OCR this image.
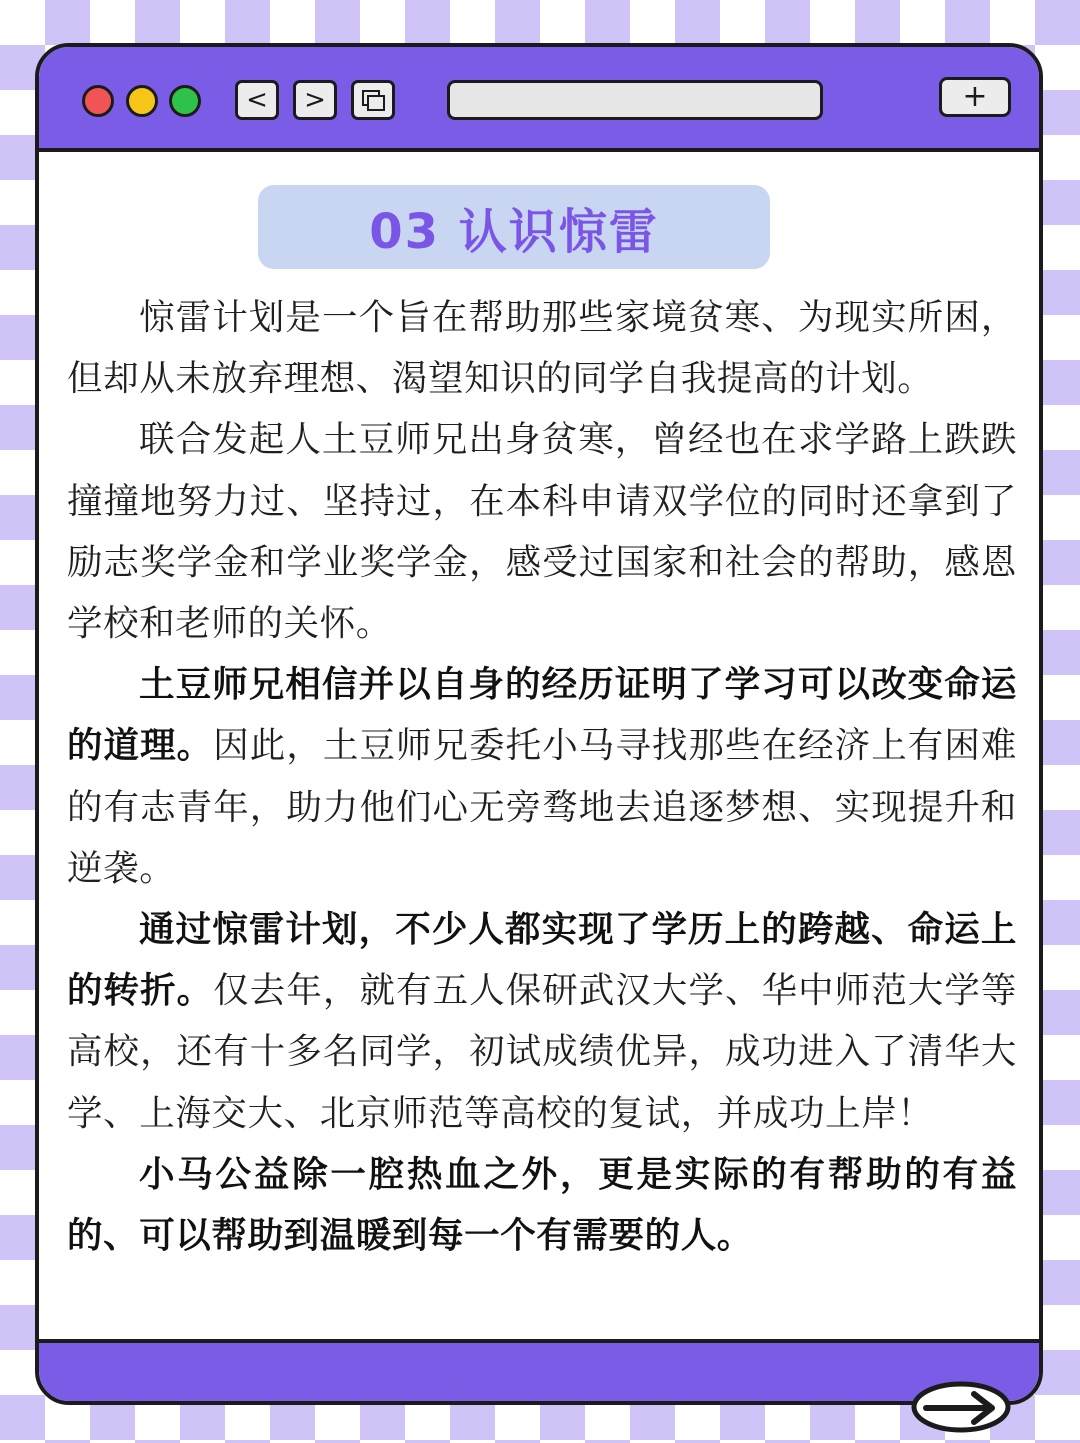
< >	+
03 认识惊雷

惊雷计划是一个旨在帮助那些家境贫寒、为现实所困，但却从未放弃理想、渴望知识的同学自我提高的计划。

联合发起人土豆师兄出身贫寒，曾经也在求学路上跌跌撞撞地努力过、坚持过，在本科申请双学位的同时还拿到了励志奖学金和学业奖学金，感受过国家和社会的帮助，感恩学校和老师的关怀。

土豆师兄相信并以自身的经历证明了学习可以改变命运的道理。因此，土豆师兄委托小马寻找那些在经济上有困难的有志青年，助力他们心无旁骛地去追逐梦想、实现提升和逆袭。

通过惊雷计划，不少人都实现了学历上的跨越、命运上的转折。仅去年，就有五人保研武汉大学、华中师范大学等高校，还有十多名同学，初试成绩优异，成功进入了清华大学、上海交大、北京师范等高校的复试，并成功上岸！

小马公益除一腔热血之外，更是实际的有帮助的有益的、可以帮助到温暖到每一个有需要的人。
